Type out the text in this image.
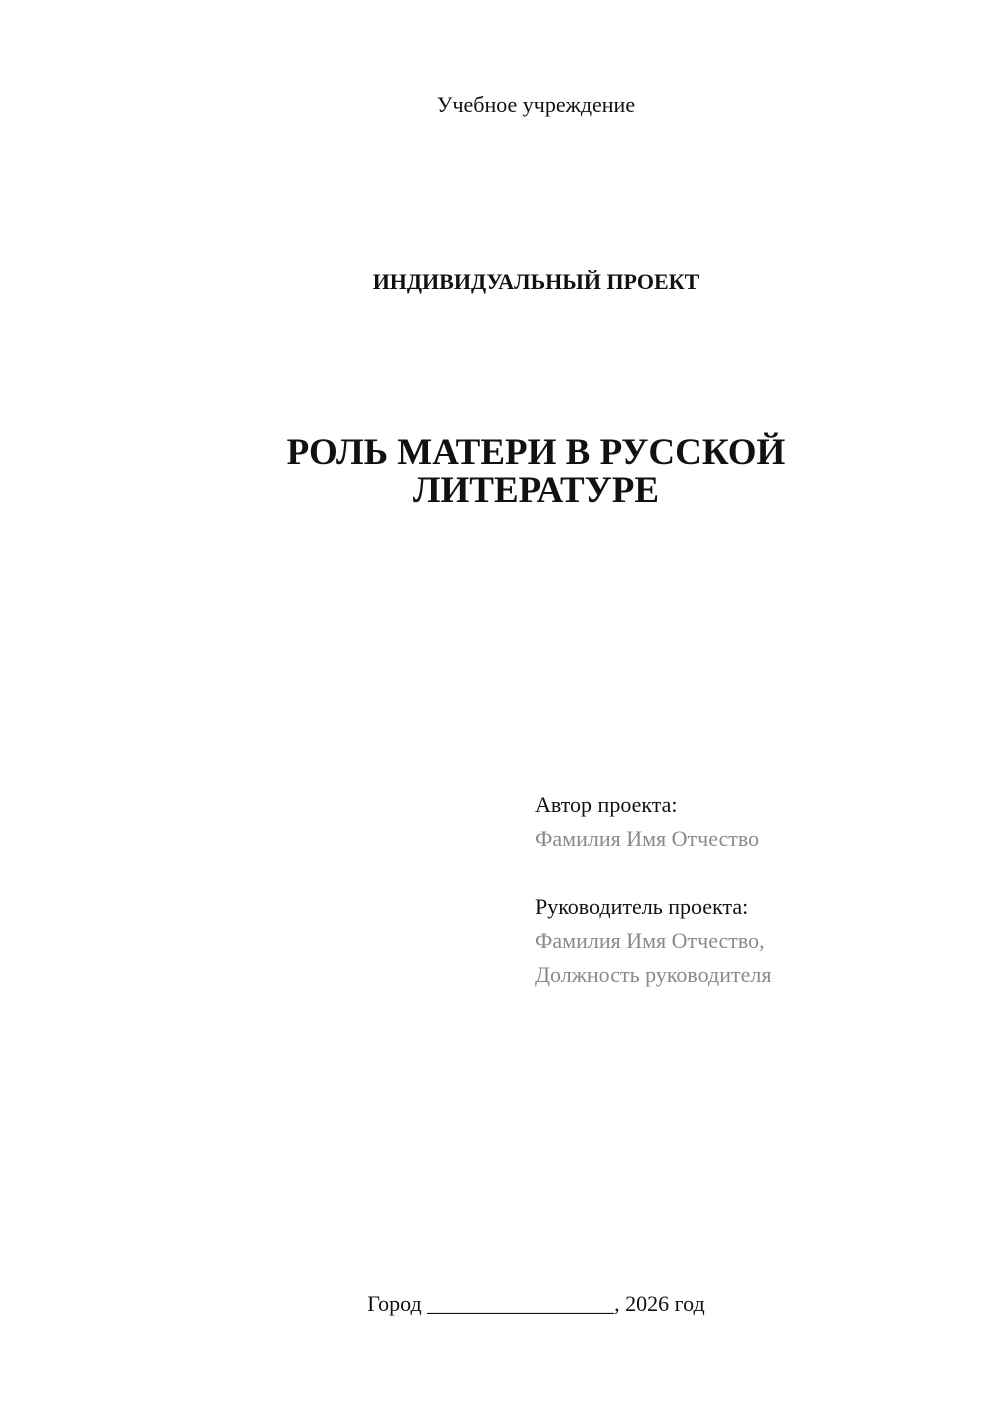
Учебное учреждение
ИНДИВИДУАЛЬНЫЙ ПРОЕКТ
РОЛЬ МАТЕРИ В РУССКОЙ
ЛИТЕРАТУРЕ
Автор проекта:
Фамилия Имя Отчество
Руководитель проекта:
Фамилия Имя Отчество,
Должность руководителя
Город _________________, 2026 год
